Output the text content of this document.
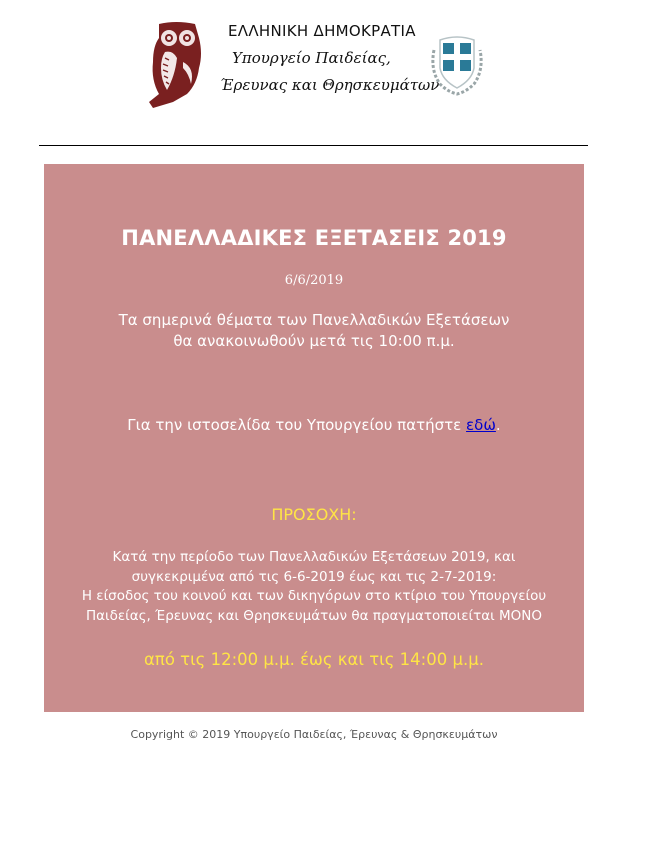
ΕΛΛΗΝΙΚΗ ΔΗΜΟΚΡΑΤΙΑ
Υπουργείο Παιδείας,
Έρευνας και Θρησκευμάτων
ΠΑΝΕΛΛΑΔΙΚΕΣ ΕΞΕΤΑΣΕΙΣ 2019
6/6/2019
Τα σημερινά θέματα των Πανελλαδικών Εξετάσεων
θα ανακοινωθούν μετά τις 10:00 π.μ.
Για την ιστοσελίδα του Υπουργείου πατήστε εδώ.
ΠΡΟΣΟΧΗ:
Κατά την περίοδο των Πανελλαδικών Εξετάσεων 2019, και
συγκεκριμένα από τις 6-6-2019 έως και τις 2-7-2019:
Η είσοδος του κοινού και των δικηγόρων στο κτίριο του Υπουργείου
Παιδείας, Έρευνας και Θρησκευμάτων θα πραγματοποιείται ΜΟΝΟ
από τις 12:00 μ.μ. έως και τις 14:00 μ.μ.
Copyright © 2019 Υπουργείο Παιδείας, Έρευνας & Θρησκευμάτων
